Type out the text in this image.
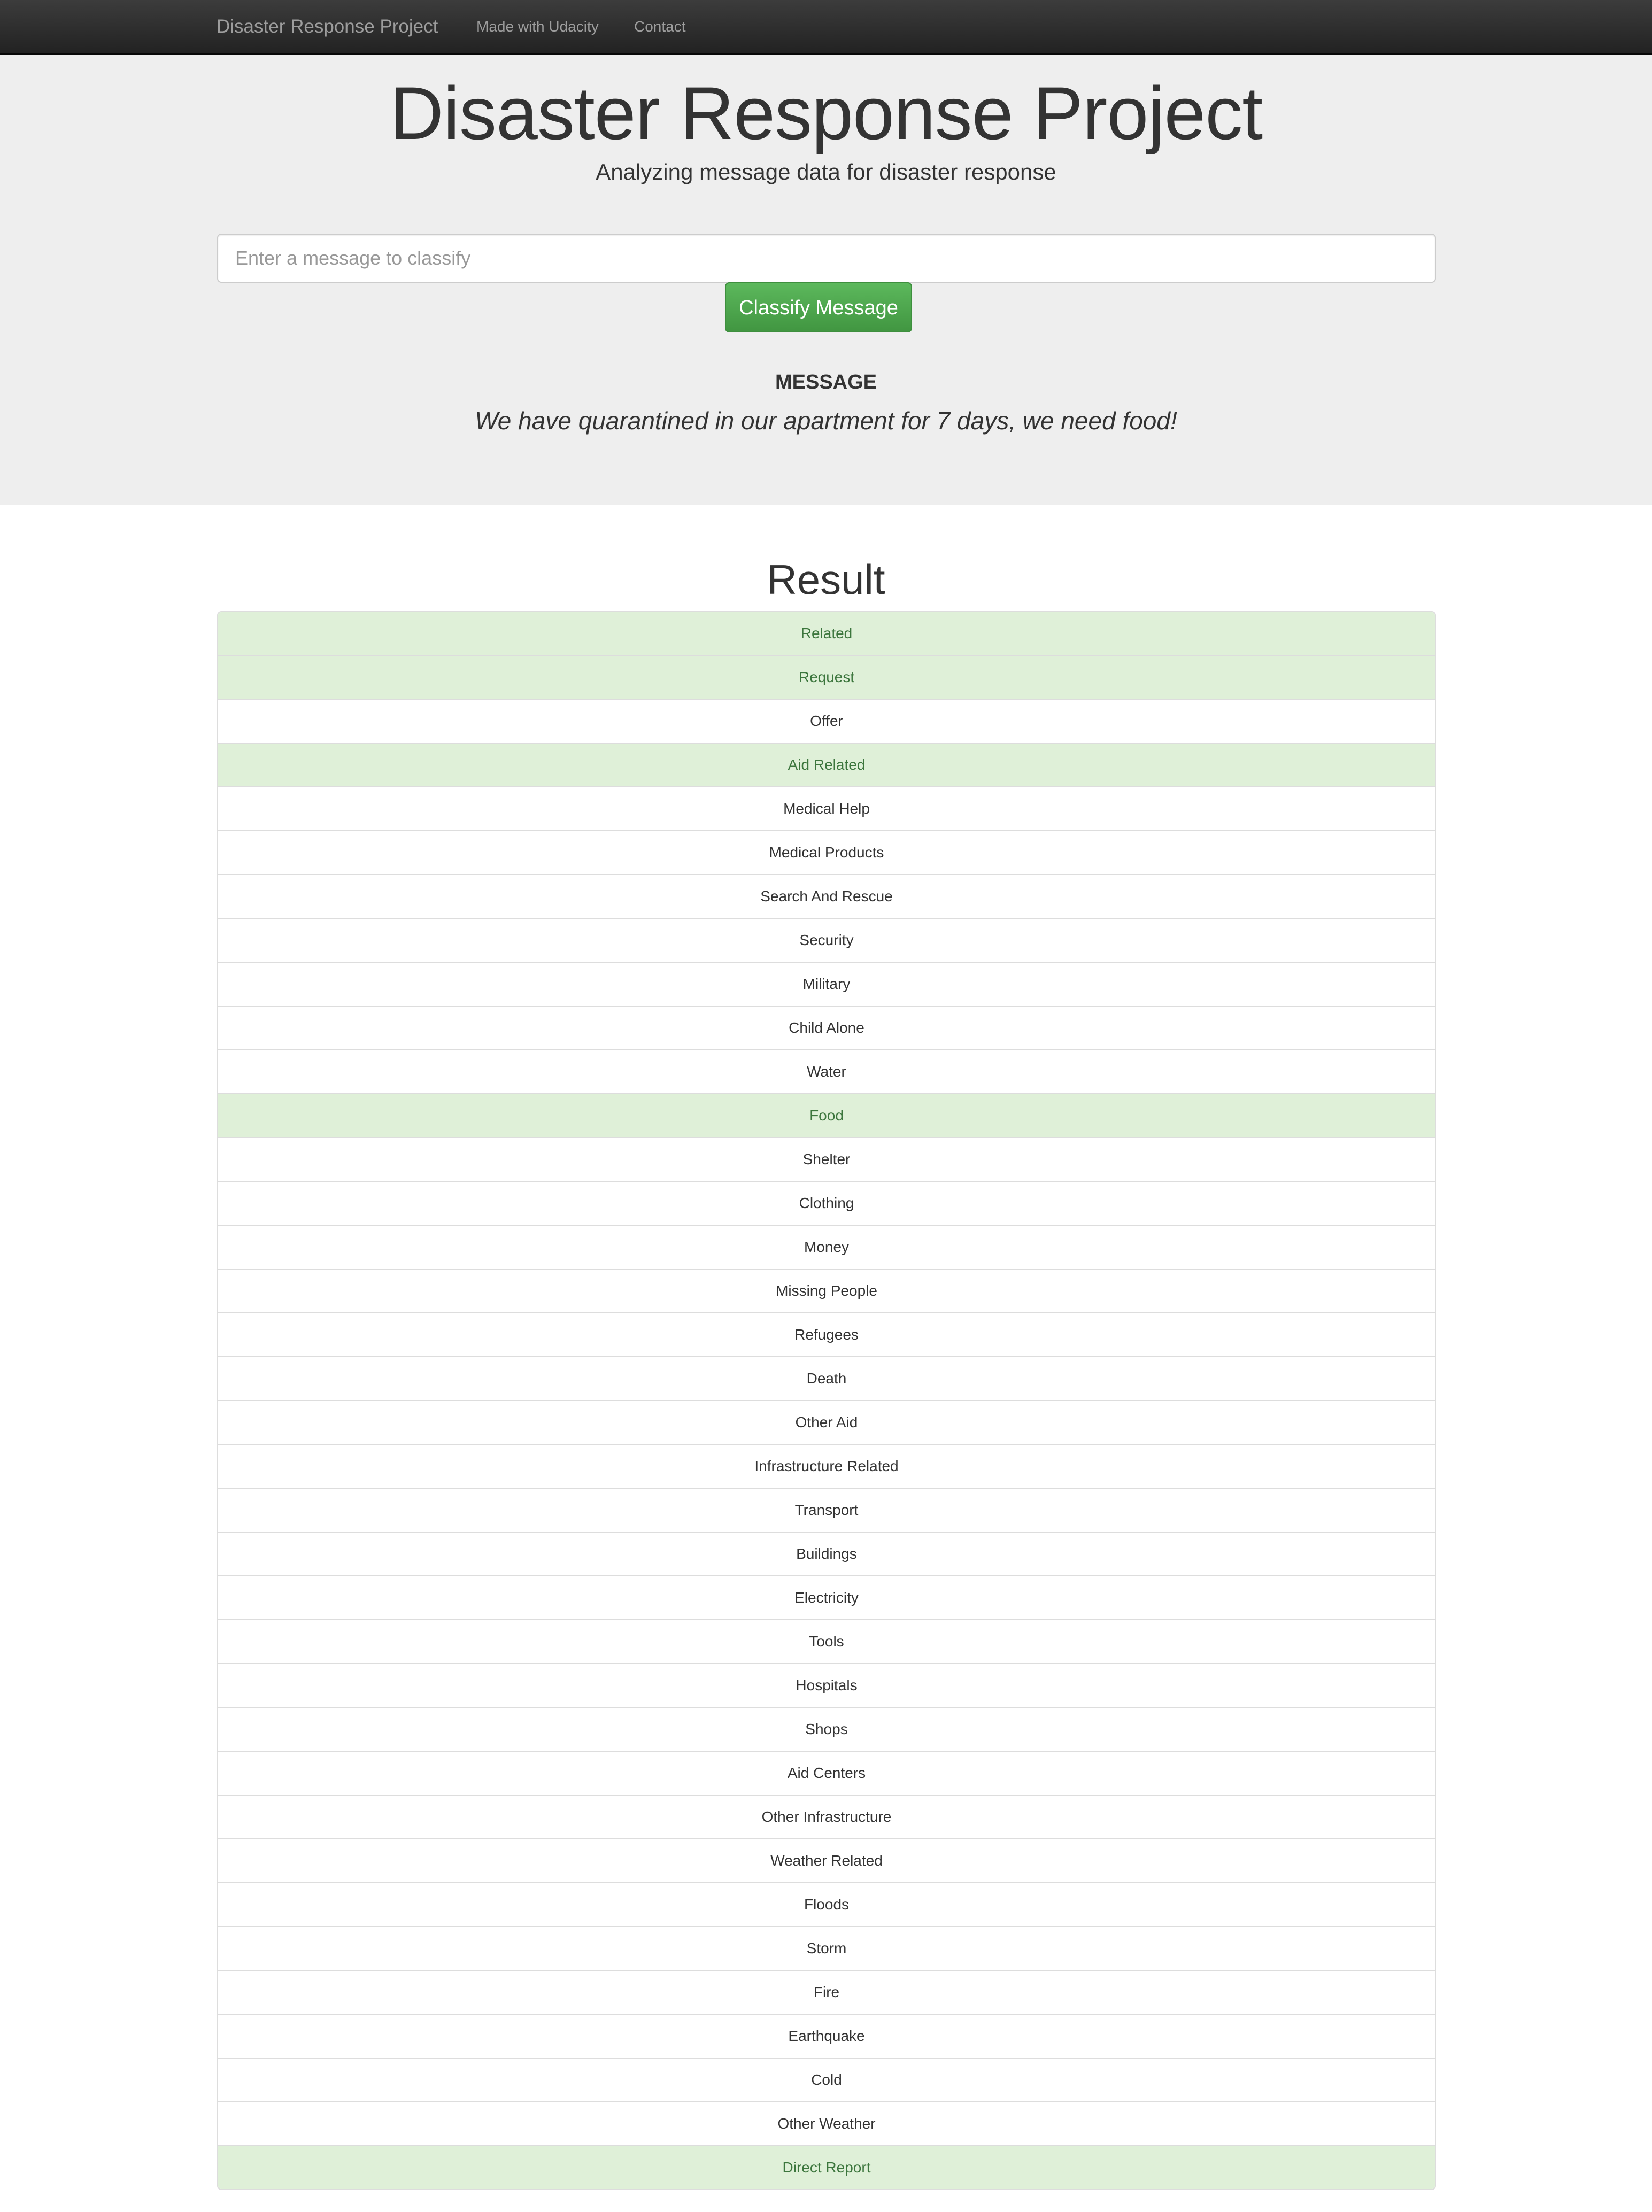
Disaster Response Project	Made with Udacity Contact
Disaster Response Project

Analyzing message data for disaster response

Enter a message to classify
Classify Message
MESSAGE
We have quarantined in our apartment for 7 days, we need food!
Result
Related
Request
Offer
Aid Related
Medical Help
Medical Products
Search And Rescue
Security
Military
Child Alone
Water
Food
Shelter
Clothing
Money
Missing People
Refugees
Death
Other Aid
Infrastructure Related
Transport
Buildings
Electricity
Tools
Hospitals
Shops
Aid Centers
Other Infrastructure
Weather Related
Floods
Storm
Fire
Earthquake
Cold
Other Weather
Direct Report
